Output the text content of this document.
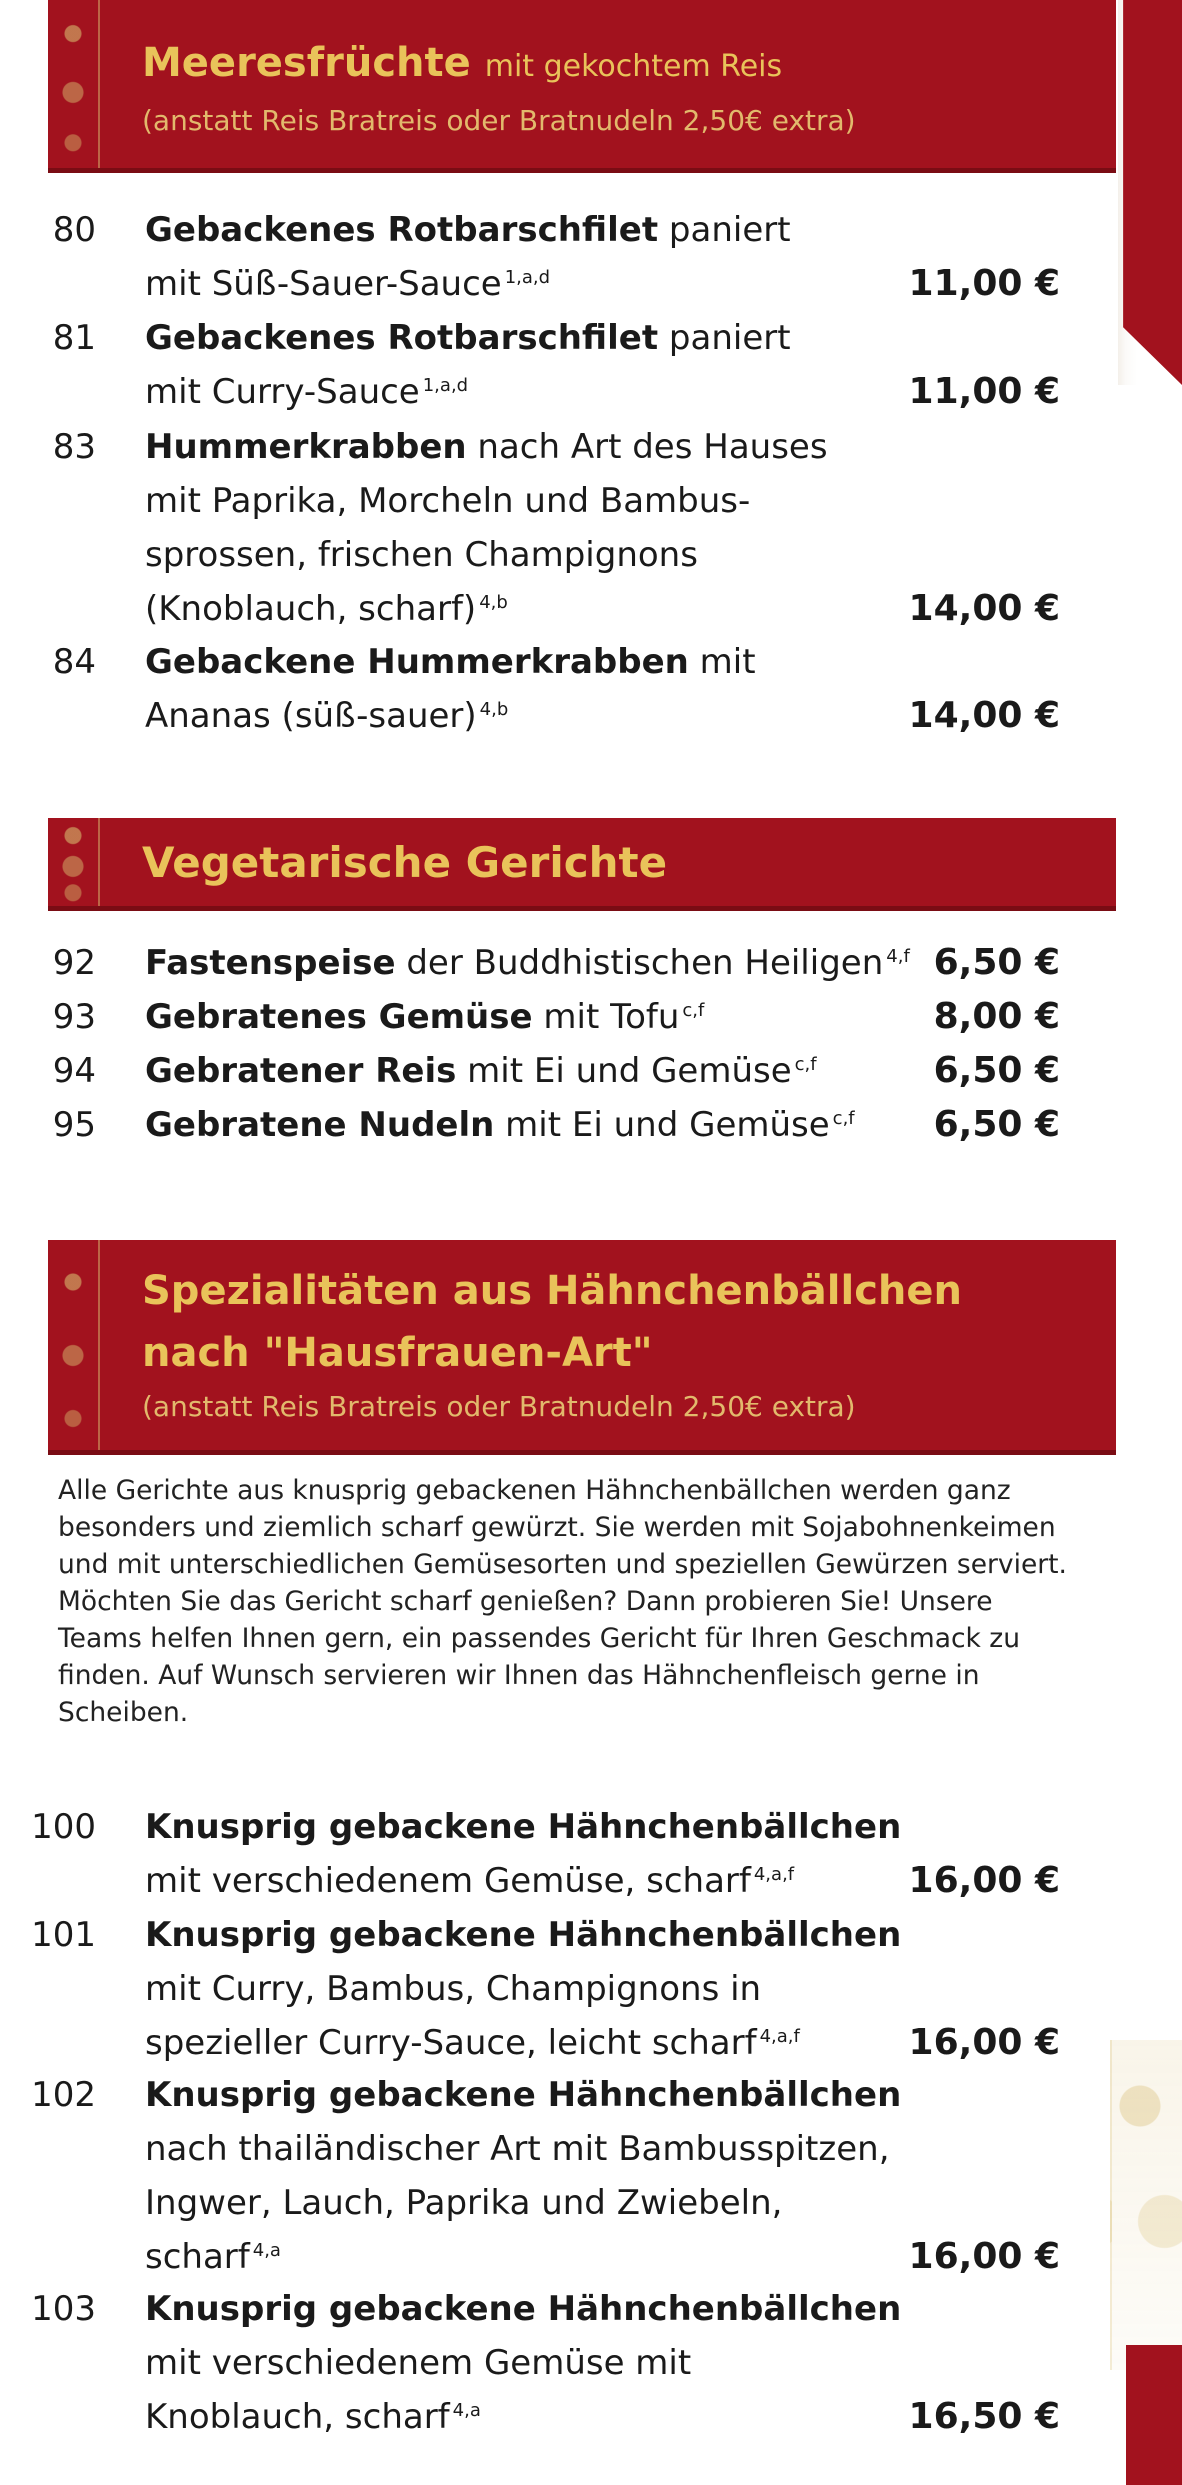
Meeresfrüchte mit gekochtem Reis
(anstatt Reis Bratreis oder Bratnudeln 2,50€ extra)
80 Gebackenes Rotbarschfilet paniert
mit Süß-Sauer-Sauce $^{1,a,d}$	11,00 €
81 Gebackenes Rotbarschfilet paniert
mit Curry-Sauce $^{1,a,d}$	11,00 €
83 Hummerkrabben nach Art des Hauses
mit Paprika, Morcheln und Bambus-
sprossen, frischen Champignons
(Knoblauch, scharf) $^{4,b}$	14,00 €
84 Gebackene Hummerkrabben mit
Ananas (süß-sauer) $^{4,b}$	14,00 €
Vegetarische Gerichte
92 Fastenspeise der Buddhistischen Heiligen $^{4,f}$ 6,50 €
93 Gebratenes Gemüse mit Tofu $^{c,f}$	8,00 €
94 Gebratener Reis mit Ei und Gemüse $^{c,f}$	6,50 €
95 Gebratene Nudeln mit Ei und Gemüse $^{c,f}$	6,50 €
Spezialitäten aus Hähnchenbällchen
nach "Hausfrauen-Art"
(anstatt Reis Bratreis oder Bratnudeln 2,50€ extra)
Alle Gerichte aus knusprig gebackenen Hähnchenbällchen werden ganz besonders und ziemlich scharf gewürzt. Sie werden mit Sojabohnenkeimen und mit unterschiedlichen Gemüsesorten und speziellen Gewürzen serviert. Möchten Sie das Gericht scharf genießen? Dann probieren Sie! Unsere Teams helfen Ihnen gern, ein passendes Gericht für Ihren Geschmack zu finden. Auf Wunsch servieren wir Ihnen das Hähnchenfleisch gerne in Scheiben.
100 Knusprig gebackene Hähnchenbällchen
mit verschiedenem Gemüse, scharf $^{4,a,f}$	16,00 €
101 Knusprig gebackene Hähnchenbällchen
mit Curry, Bambus, Champignons in
spezieller Curry-Sauce, leicht scharf $^{4,a,f}$	16,00 €
102 Knusprig gebackene Hähnchenbällchen
nach thailändischer Art mit Bambusspitzen,
Ingwer, Lauch, Paprika und Zwiebeln,
scharf $^{4,a}$	16,00 €
103 Knusprig gebackene Hähnchenbällchen
mit verschiedenem Gemüse mit
Knoblauch, scharf $^{4,a}$	16,50 €
